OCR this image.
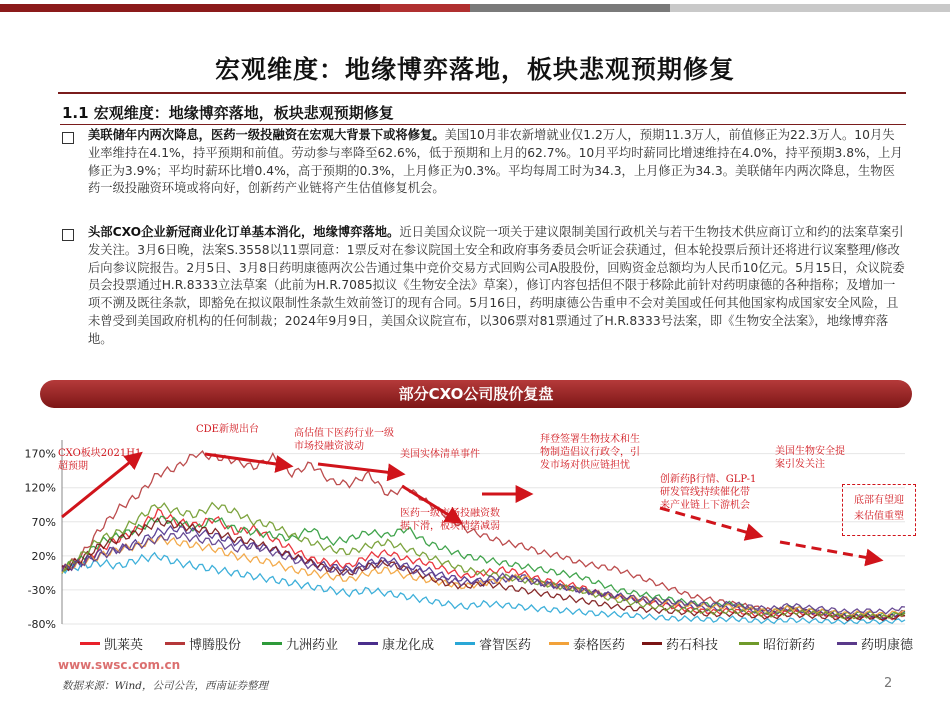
宏观维度：地缘博弈落地，板块悲观预期修复
1.1 宏观维度：地缘博弈落地，板块悲观预期修复
美联储年内两次降息，医药一级投融资在宏观大背景下或将修复。美国10月非农新增就业仅1.2万人，预期11.3万人，前值修正为22.3万人。10月失业率维持在4.1%，持平预期和前值。劳动参与率降至62.6%，低于预期和上月的62.7%。10月平均时薪同比增速维持在4.0%，持平预期3.8%，上月修正为3.9%；平均时薪环比增0.4%，高于预期的0.3%，上月修正为0.3%。平均每周工时为34.3，上月修正为34.3。美联储年内两次降息，生物医药一级投融资环境或将向好，创新药产业链将产生估值修复机会。
头部CXO企业新冠商业化订单基本消化，地缘博弈落地。近日美国众议院一项关于建议限制美国行政机关与若干生物技术供应商订立和约的法案草案引发关注。3月6日晚，法案S.3558以11票同意：1票反对在参议院国土安全和政府事务委员会听证会获通过，但本轮投票后预计还将进行议案整理/修改后向参议院报告。2月5日、3月8日药明康德两次公告通过集中竞价交易方式回购公司A股股份，回购资金总额均为人民币10亿元。5月15日，众议院委员会投票通过H.R.8333立法草案（此前为H.R.7085拟议《生物安全法》草案），修订内容包括但不限于移除此前针对药明康德的各种指称；及增加一项不溯及既往条款，即豁免在拟议限制性条款生效前签订的现有合同。5月16日，药明康德公告重申不会对美国或任何其他国家构成国家安全风险，且未曾受到美国政府机构的任何制裁；2024年9月9日，美国众议院宣布，以306票对81票通过了H.R.8333号法案，即《生物安全法案》，地缘博弈落地。
部分CXO公司股价复盘
170%
120%
70%
20%
-30%
-80%
CXO板块2021H1
超预期
CDE新规出台	高估值下医药行业一级
市场投融资波动
美国实体清单事件
医药一级市场投融资数
据下滑，板块情绪减弱
拜登签署生物技术和生
物制造倡议行政令，引
发市场对供应链担忧
创新药β行情、GLP-1
研发管线持续催化带
来产业链上下游机会
美国生物安全提
案引发关注
底部有望迎
来估值重塑
凯莱英	博腾股份	九洲药业	康龙化成	睿智医药	泰格医药	药石科技	昭衍新药	药明康德
www.swsc.com.cn
数据来源：Wind，公司公告，西南证券整理	2
